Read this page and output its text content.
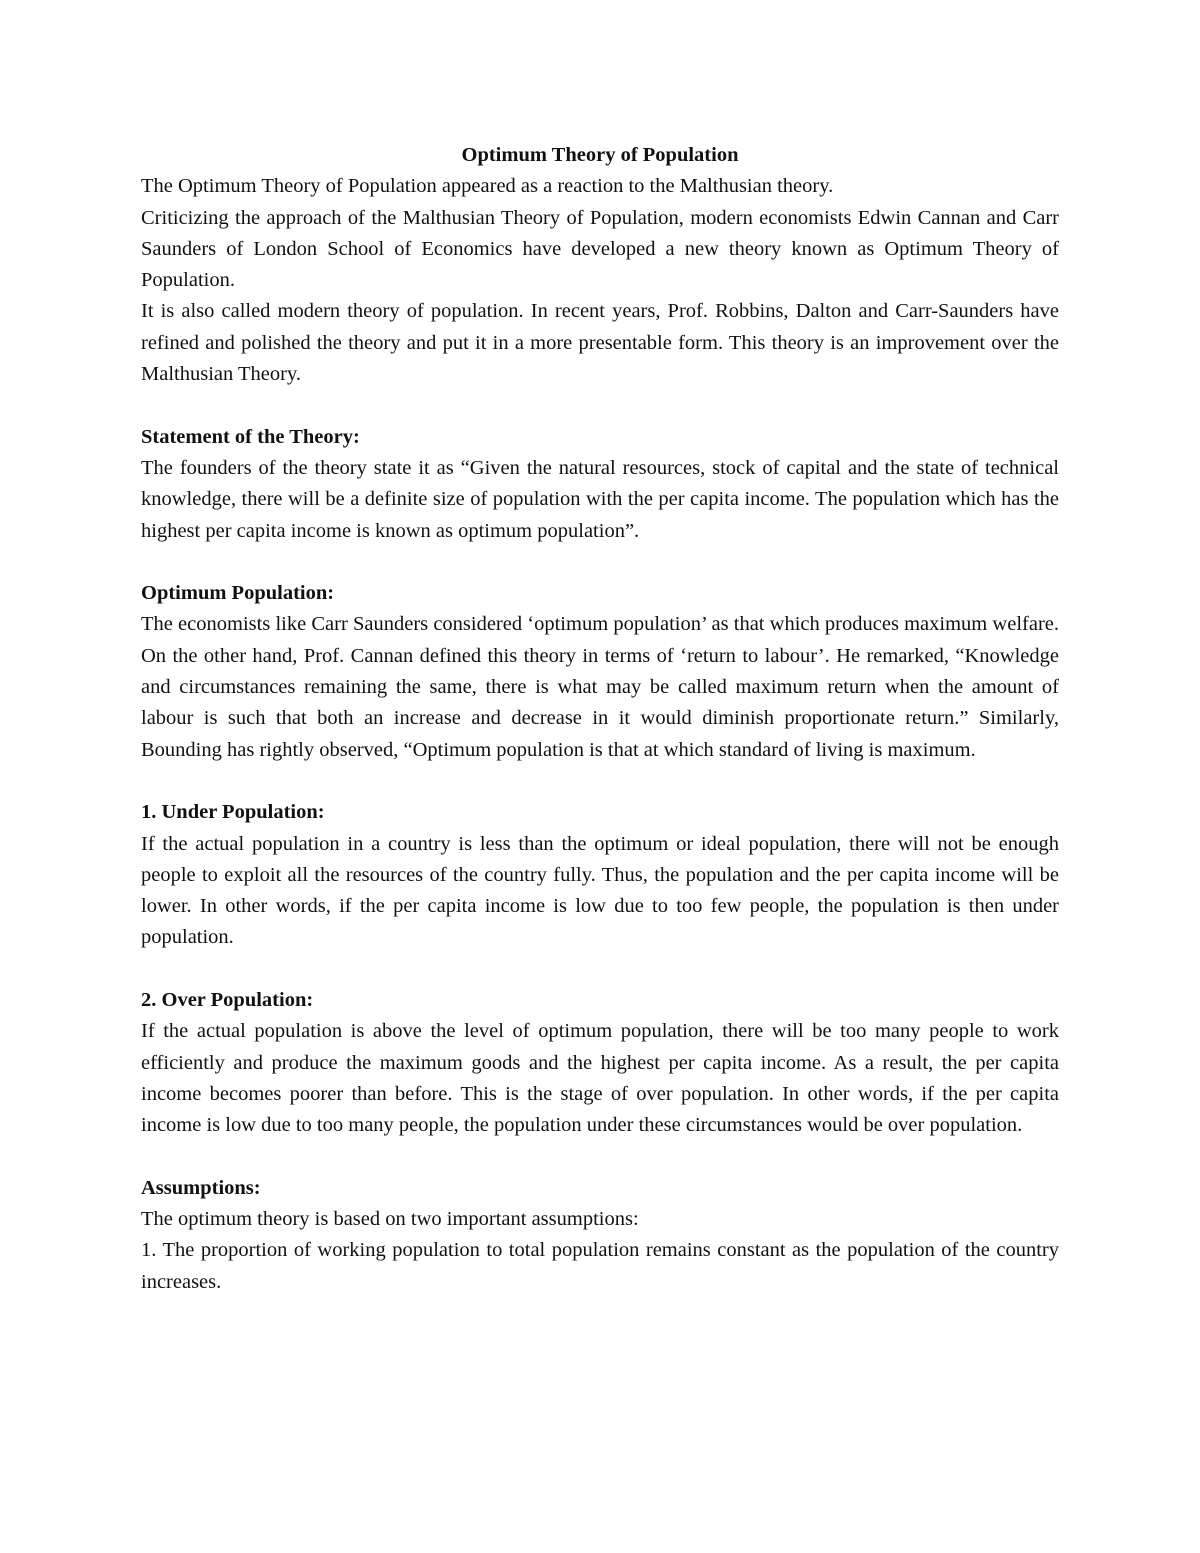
Optimum Theory of Population

The Optimum Theory of Population appeared as a reaction to the Malthusian theory.

Criticizing the approach of the Malthusian Theory of Population, modern economists Edwin Cannan and Carr Saunders of London School of Economics have developed a new theory known as Optimum Theory of Population.

It is also called modern theory of population. In recent years, Prof. Robbins, Dalton and Carr-Saunders have refined and polished the theory and put it in a more presentable form. This theory is an improvement over the Malthusian Theory.

Statement of the Theory:

The founders of the theory state it as “Given the natural resources, stock of capital and the state of technical knowledge, there will be a definite size of population with the per capita income. The population which has the highest per capita income is known as optimum population”.

Optimum Population:

The economists like Carr Saunders considered ‘optimum population’ as that which produces maximum welfare. On the other hand, Prof. Cannan defined this theory in terms of ‘return to labour’. He remarked, “Knowledge and circumstances remaining the same, there is what may be called maximum return when the amount of labour is such that both an increase and decrease in it would diminish proportionate return.” Similarly, Bounding has rightly observed, “Optimum population is that at which standard of living is maximum.

1. Under Population:

If the actual population in a country is less than the optimum or ideal population, there will not be enough people to exploit all the resources of the country fully. Thus, the population and the per capita income will be lower. In other words, if the per capita income is low due to too few people, the population is then under population.

2. Over Population:

If the actual population is above the level of optimum population, there will be too many people to work efficiently and produce the maximum goods and the highest per capita income. As a result, the per capita income becomes poorer than before. This is the stage of over population. In other words, if the per capita income is low due to too many people, the population under these circumstances would be over population.

Assumptions:

The optimum theory is based on two important assumptions:

1. The proportion of working population to total population remains constant as the population of the country increases.
